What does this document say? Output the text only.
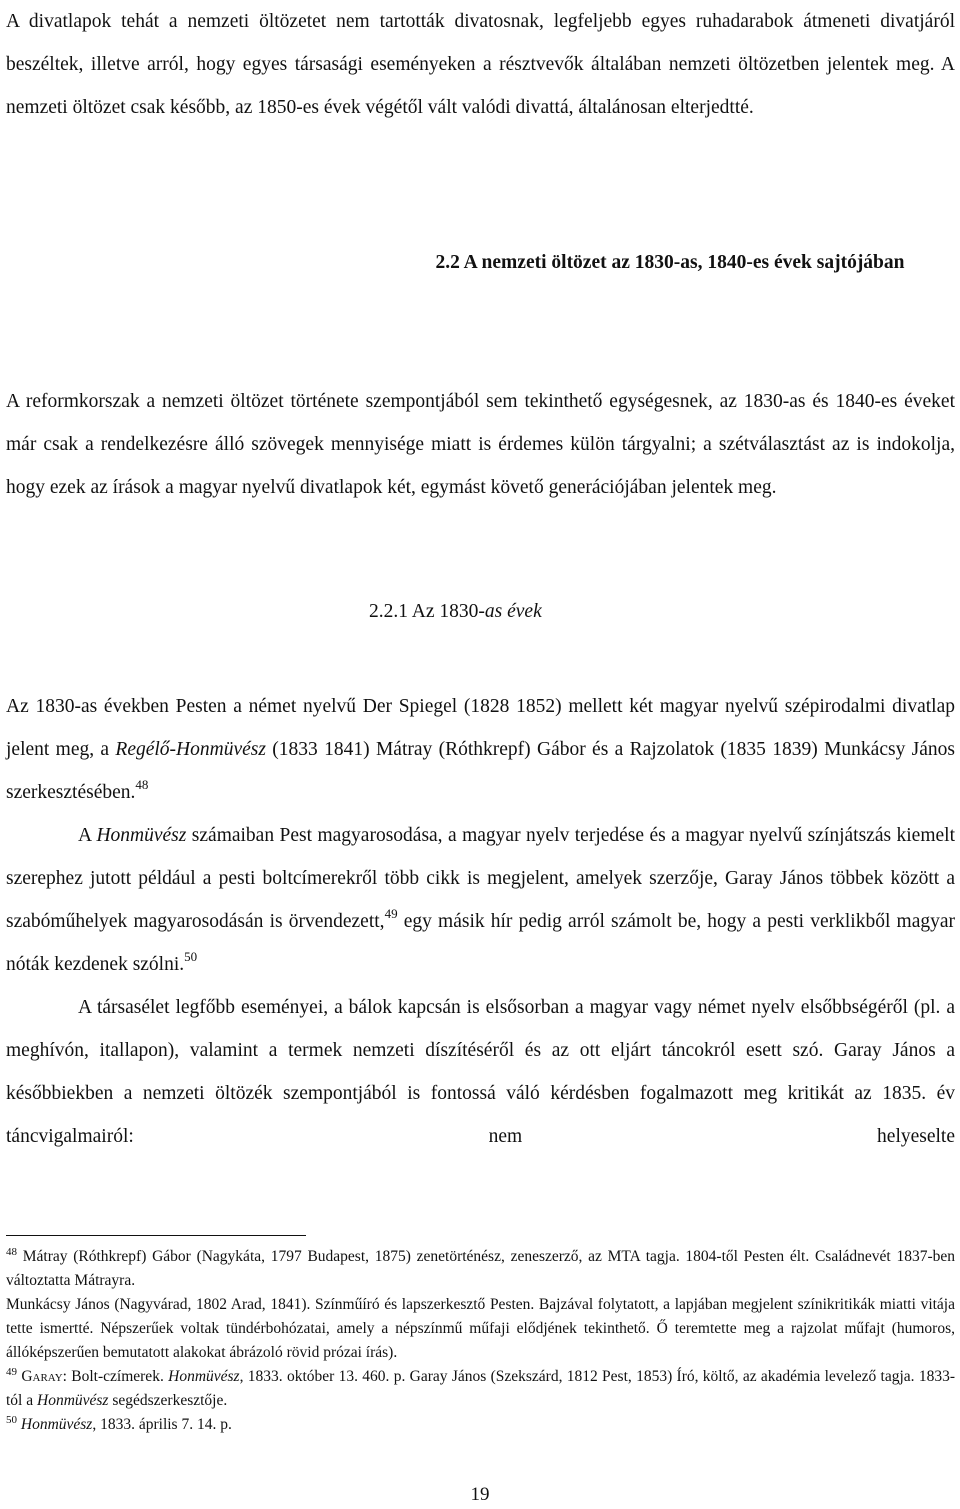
A divatlapok tehát a nemzeti öltözetet nem tartották divatosnak, legfeljebb egyes ruhadarabok átmeneti divatjáról beszéltek, illetve arról, hogy egyes társasági eseményeken a résztvevők általában nemzeti öltözetben jelentek meg. A nemzeti öltözet csak később, az 1850-es évek végétől vált valódi divattá, általánosan elterjedtté.

2.2 A nemzeti öltözet az 1830-as, 1840-es évek sajtójában

A reformkorszak a nemzeti öltözet története szempontjából sem tekinthető egységesnek, az 1830-as és 1840-es éveket már csak a rendelkezésre álló szövegek mennyisége miatt is érdemes külön tárgyalni; a szétválasztást az is indokolja, hogy ezek az írások a magyar nyelvű divatlapok két, egymást követő generációjában jelentek meg.

2.2.1 Az 1830-as évek

Az 1830-as években Pesten a német nyelvű Der Spiegel (1828 1852) mellett két magyar nyelvű szépirodalmi divatlap jelent meg, a Regélő-Honmüvész (1833 1841) Mátray (Róthkrepf) Gábor és a Rajzolatok (1835 1839) Munkácsy János szerkesztésében.$^{48}$

A Honmüvész számaiban Pest magyarosodása, a magyar nyelv terjedése és a magyar nyelvű színjátszás kiemelt szerephez jutott például a pesti boltcímerekről több cikk is megjelent, amelyek szerzője, Garay János többek között a szabóműhelyek magyarosodásán is örvendezett,$^{49}$ egy másik hír pedig arról számolt be, hogy a pesti verklikből magyar nóták kezdenek szólni.$^{50}$

A társasélet legfőbb eseményei, a bálok kapcsán is elsősorban a magyar vagy német nyelv elsőbbségéről (pl. a meghívón, itallapon), valamint a termek nemzeti díszítéséről és az ott eljárt táncokról esett szó. Garay János a későbbiekben a nemzeti öltözék szempontjából is fontossá váló kérdésben fogalmazott meg kritikát az 1835. év táncvigalmairól: nem helyeselte

$^{48}$ Mátray (Róthkrepf) Gábor (Nagykáta, 1797 Budapest, 1875) zenetörténész, zeneszerző, az MTA tagja. 1804-től Pesten élt. Családnevét 1837-ben változtatta Mátrayra.

Munkácsy János (Nagyvárad, 1802 Arad, 1841). Színműíró és lapszerkesztő Pesten. Bajzával folytatott, a lapjában megjelent színikritikák miatti vitája tette ismertté. Népszerűek voltak tündérbohózatai, amely a népszínmű műfaji elődjének tekinthető. Ő teremtette meg a rajzolat műfajt (humoros, állóképszerűen bemutatott alakokat ábrázoló rövid prózai írás).

$^{49}$ Garay: Bolt-czímerek. Honmüvész, 1833. október 13. 460. p. Garay János (Szekszárd, 1812 Pest, 1853) Író, költő, az akadémia levelező tagja. 1833-tól a Honmüvész segédszerkesztője.

$^{50}$ Honmüvész, 1833. április 7. 14. p.

19
